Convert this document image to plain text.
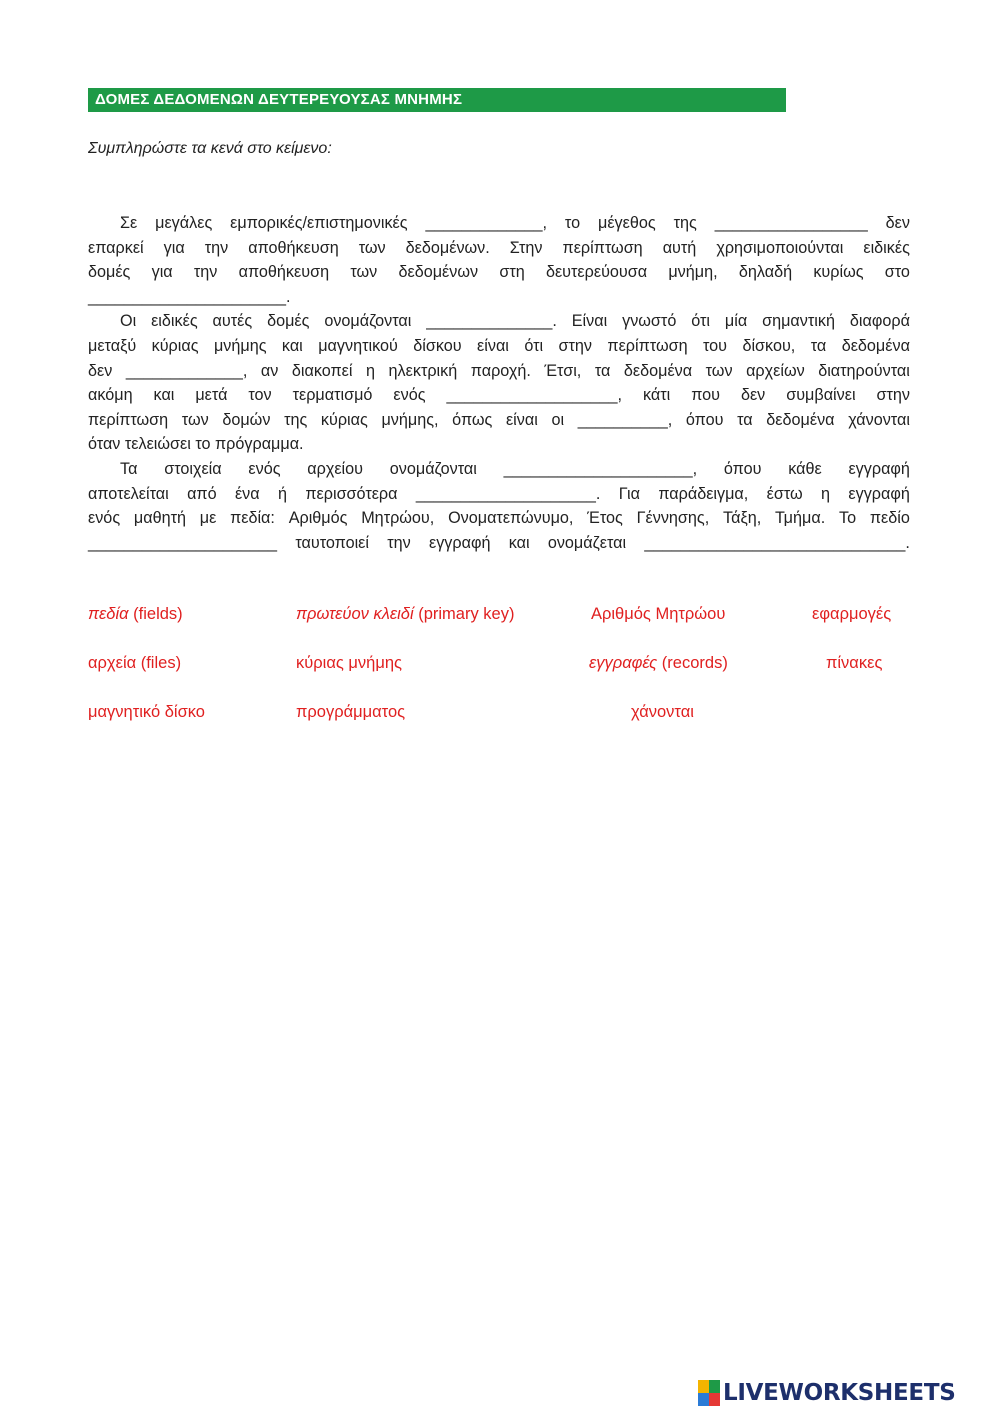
ΔΟΜΕΣ ΔΕΔΟΜΕΝΩΝ ΔΕΥΤΕΡΕΥΟΥΣΑΣ ΜΝΗΜΗΣ
Συμπληρώστε τα κενά στο κείμενο:
Σε μεγάλες εμπορικές/επιστημονικές _____________, το μέγεθος της _________________ δεν
επαρκεί για την αποθήκευση των δεδομένων. Στην περίπτωση αυτή χρησιμοποιούνται ειδικές
δομές για την αποθήκευση των δεδομένων στη δευτερεύουσα μνήμη, δηλαδή κυρίως στο
______________________.
Οι ειδικές αυτές δομές ονομάζονται ______________. Είναι γνωστό ότι μία σημαντική διαφορά
μεταξύ κύριας μνήμης και μαγνητικού δίσκου είναι ότι στην περίπτωση του δίσκου, τα δεδομένα
δεν _____________, αν διακοπεί η ηλεκτρική παροχή. Έτσι, τα δεδομένα των αρχείων διατηρούνται
ακόμη και μετά τον τερματισμό ενός ___________________, κάτι που δεν συμβαίνει στην
περίπτωση των δομών της κύριας μνήμης, όπως είναι οι __________, όπου τα δεδομένα χάνονται
όταν τελειώσει το πρόγραμμα.
Τα στοιχεία ενός αρχείου ονομάζονται _____________________, όπου κάθε εγγραφή
αποτελείται από ένα ή περισσότερα ____________________. Για παράδειγμα, έστω η εγγραφή
ενός μαθητή με πεδία: Αριθμός Μητρώου, Ονοματεπώνυμο, Έτος Γέννησης, Τάξη, Τμήμα. Το πεδίο
_____________________ ταυτοποιεί την εγγραφή και ονομάζεται _____________________________.
πεδία (fields)	πρωτεύον κλειδί (primary key)	Αριθμός Μητρώου	εφαρμογές
αρχεία (files)	κύριας μνήμης	εγγραφές (records)	πίνακες
μαγνητικό δίσκο	προγράμματος	χάνονται
LIVEWORKSHEETS
